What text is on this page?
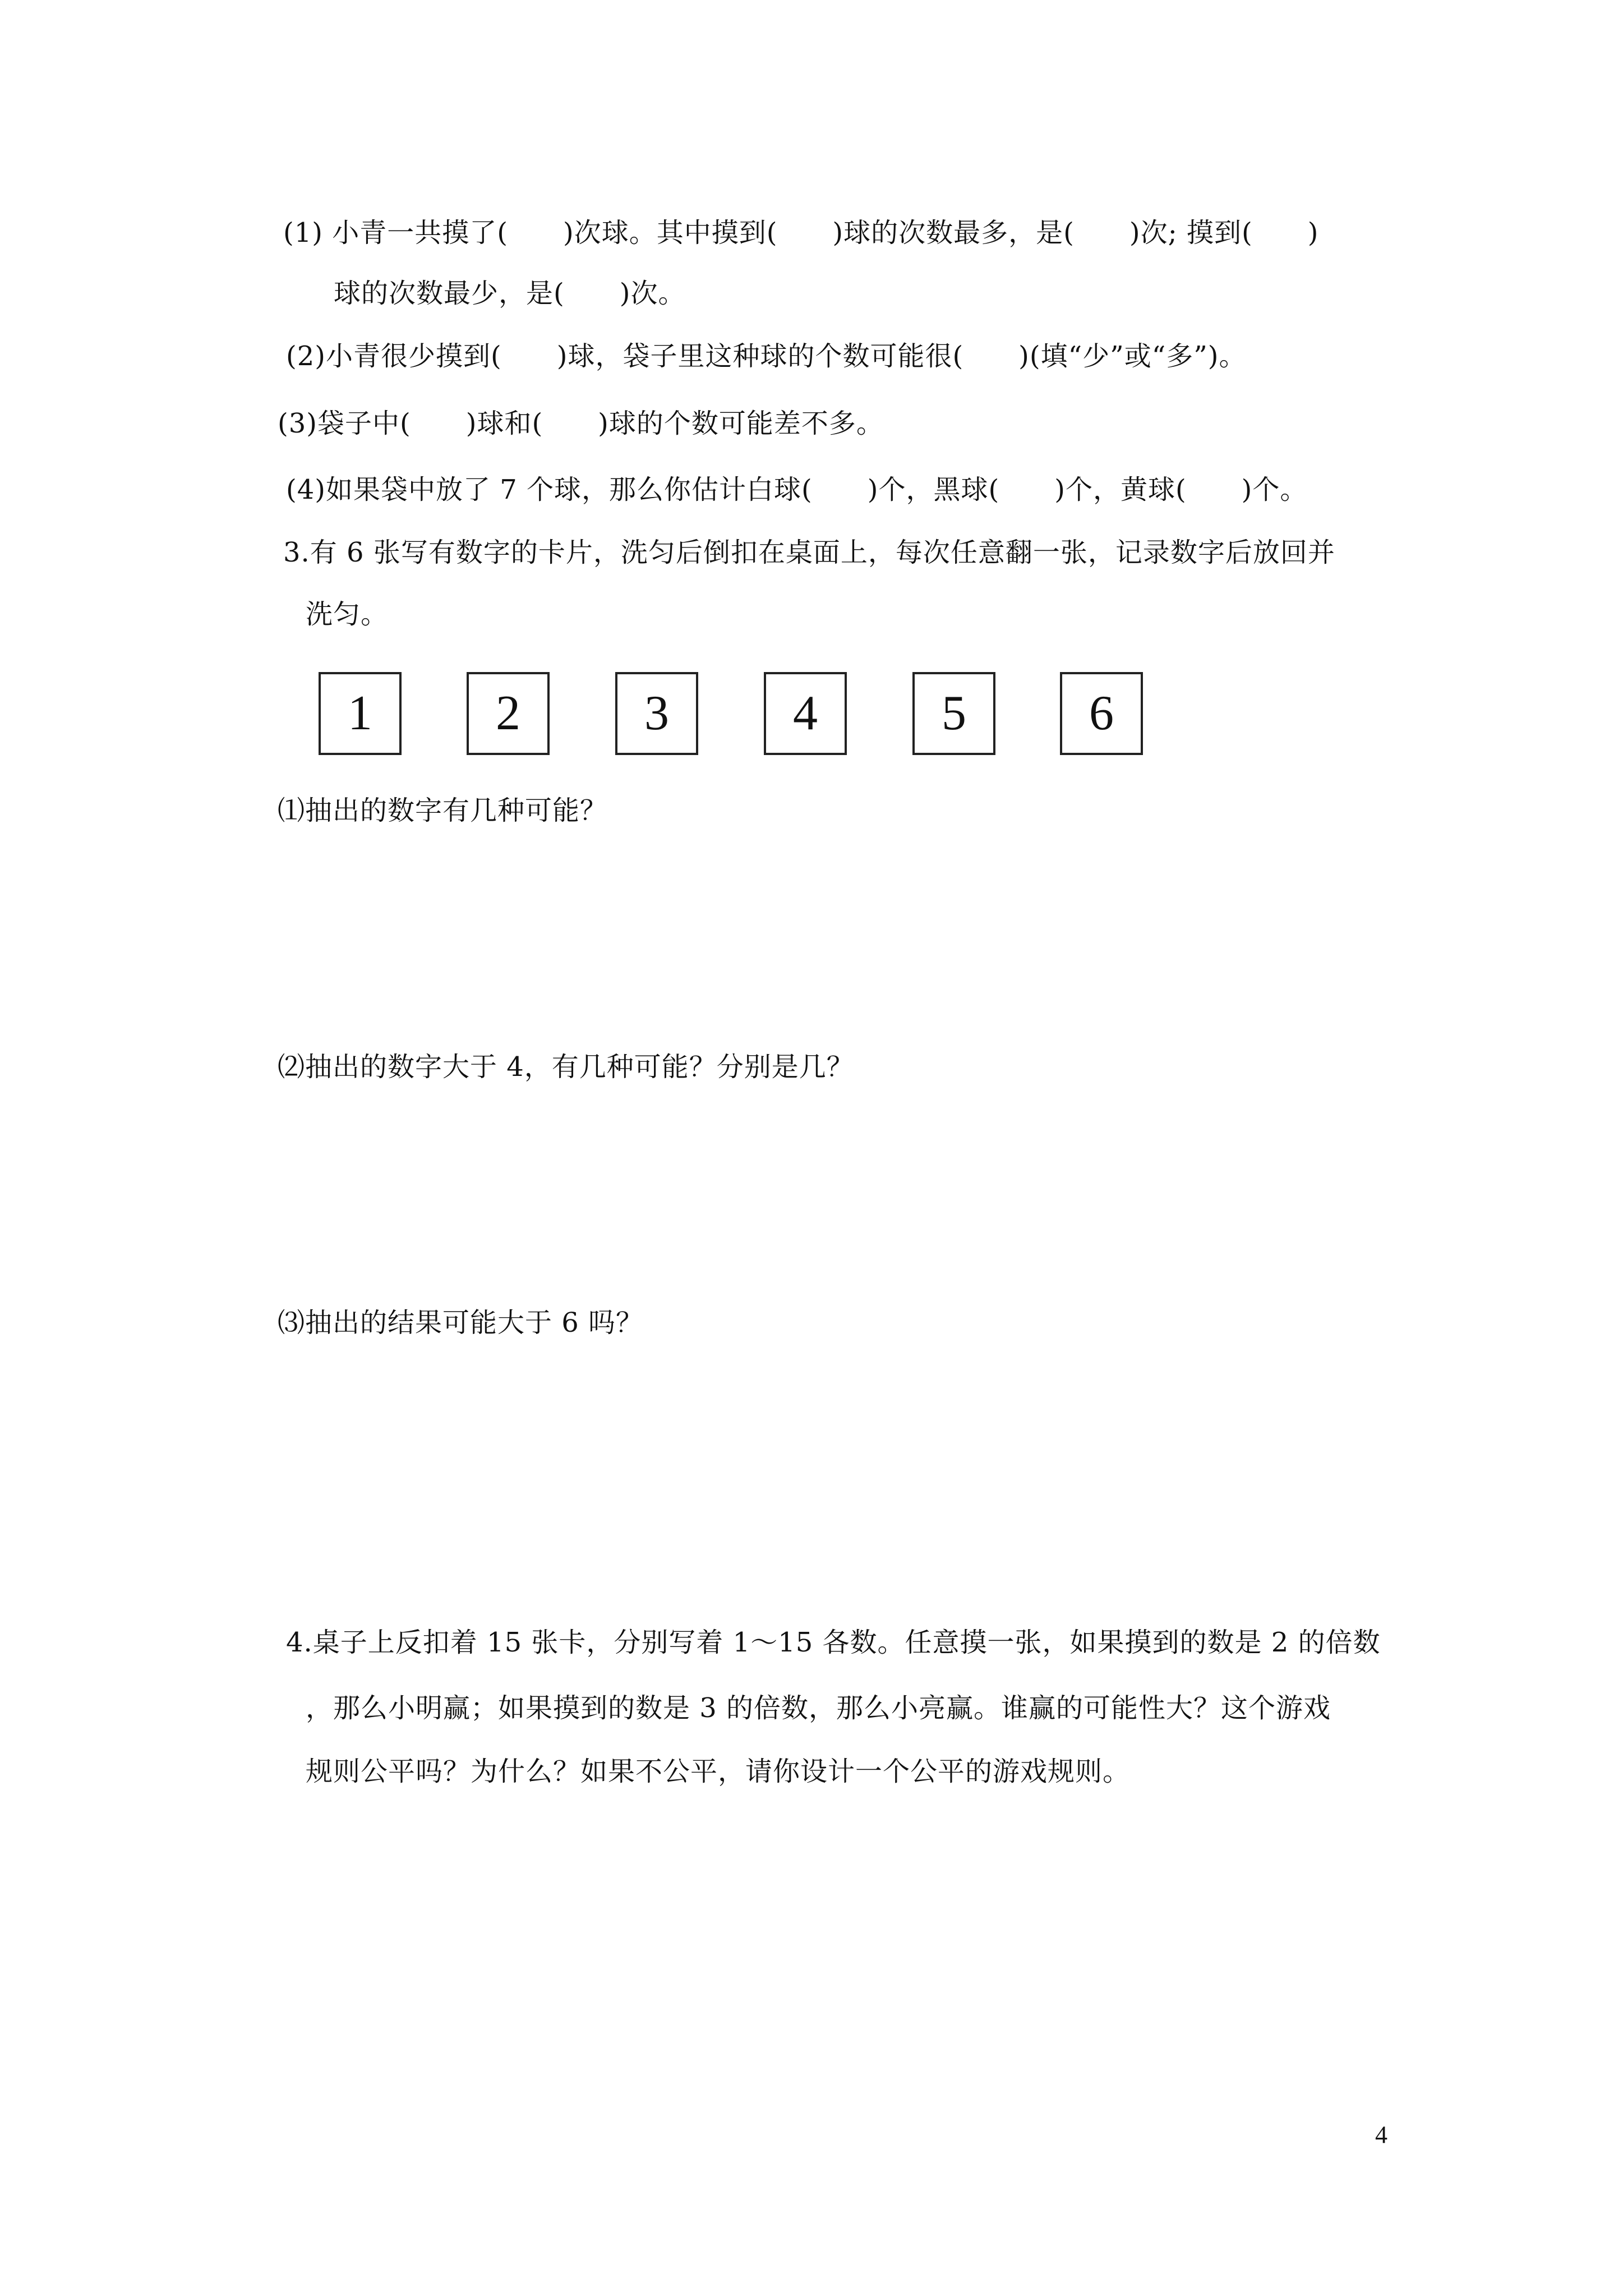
(1) 小青一共摸了(　　)次球。其中摸到(　　)球的次数最多，是(　　)次; 摸到(　　)
球的次数最少，是(　　)次。
(2)小青很少摸到(　　)球，袋子里这种球的个数可能很(　　)(填“少”或“多”)。
(3)袋子中(　　)球和(　　)球的个数可能差不多。
(4)如果袋中放了 7 个球，那么你估计白球(　　)个，黑球(　　)个，黄球(　　)个。
3.有 6 张写有数字的卡片，洗匀后倒扣在桌面上，每次任意翻一张，记录数字后放回并
洗匀。
1	2	3	4	5	6
⑴抽出的数字有几种可能？
⑵抽出的数字大于 4，有几种可能？分别是几？
⑶抽出的结果可能大于 6 吗？
4.桌子上反扣着 15 张卡，分别写着 1～15 各数。任意摸一张，如果摸到的数是 2 的倍数
，那么小明赢；如果摸到的数是 3 的倍数，那么小亮赢。谁赢的可能性大？这个游戏
规则公平吗？为什么？如果不公平，请你设计一个公平的游戏规则。
4
